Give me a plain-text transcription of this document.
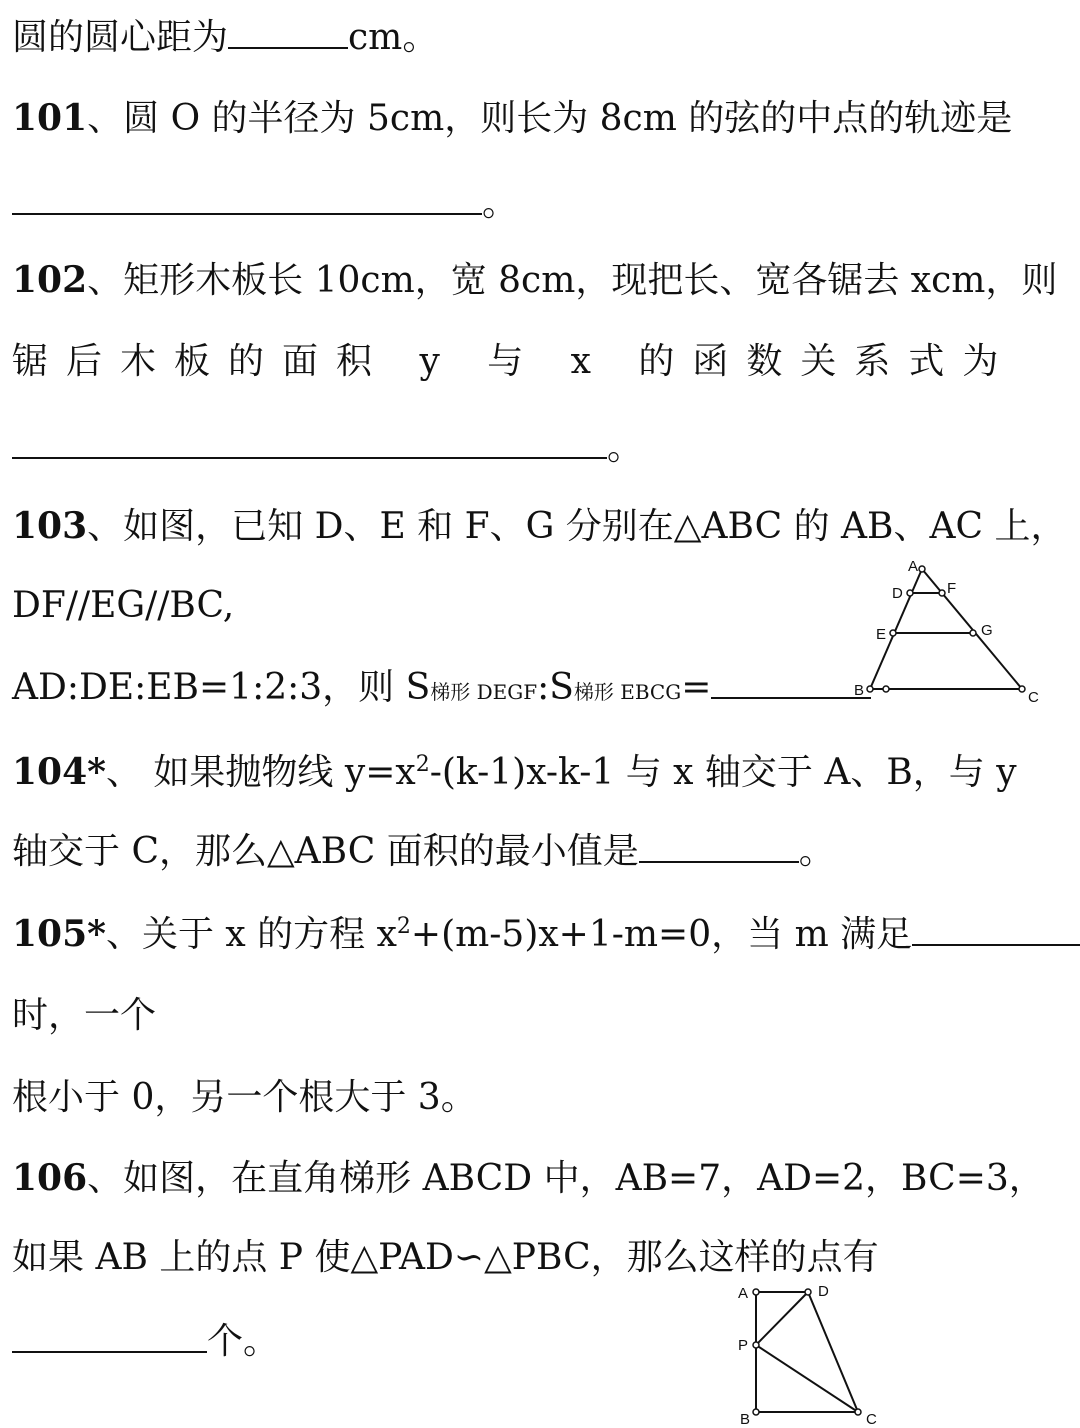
圆的圆心距为	cm。
101、圆 O 的半径为 5cm，则长为 8cm 的弦的中点的轨迹是
。
102、矩形木板长 10cm，宽 8cm，现把长、宽各锯去 xcm，则
锯后木板的面积 y 与 x 的函数关系式为
。
103、如图，已知 D、E 和 F、G 分别在△ABC 的 AB、AC 上，
DF//EG//BC,
AD:DE:EB=1:2:3，则 S梯形 DEGF:S梯形 EBCG=
A
D	F
E	G
B	C
104*、 如果抛物线 $y=x^2-(k-1)x-k-1$ 与 x 轴交于 A、B，与 y
轴交于 C，那么△ABC 面积的最小值是	。
105*、关于 x 的方程 $x^2+(m-5)x+1-m=0$，当 m 满足
时，一个
根小于 0，另一个根大于 3。
106、如图，在直角梯形 ABCD 中，AB=7，AD=2，BC=3，
如果 AB 上的点 P 使△PAD∽△PBC，那么这样的点有
个。
A	D
P
B	C
